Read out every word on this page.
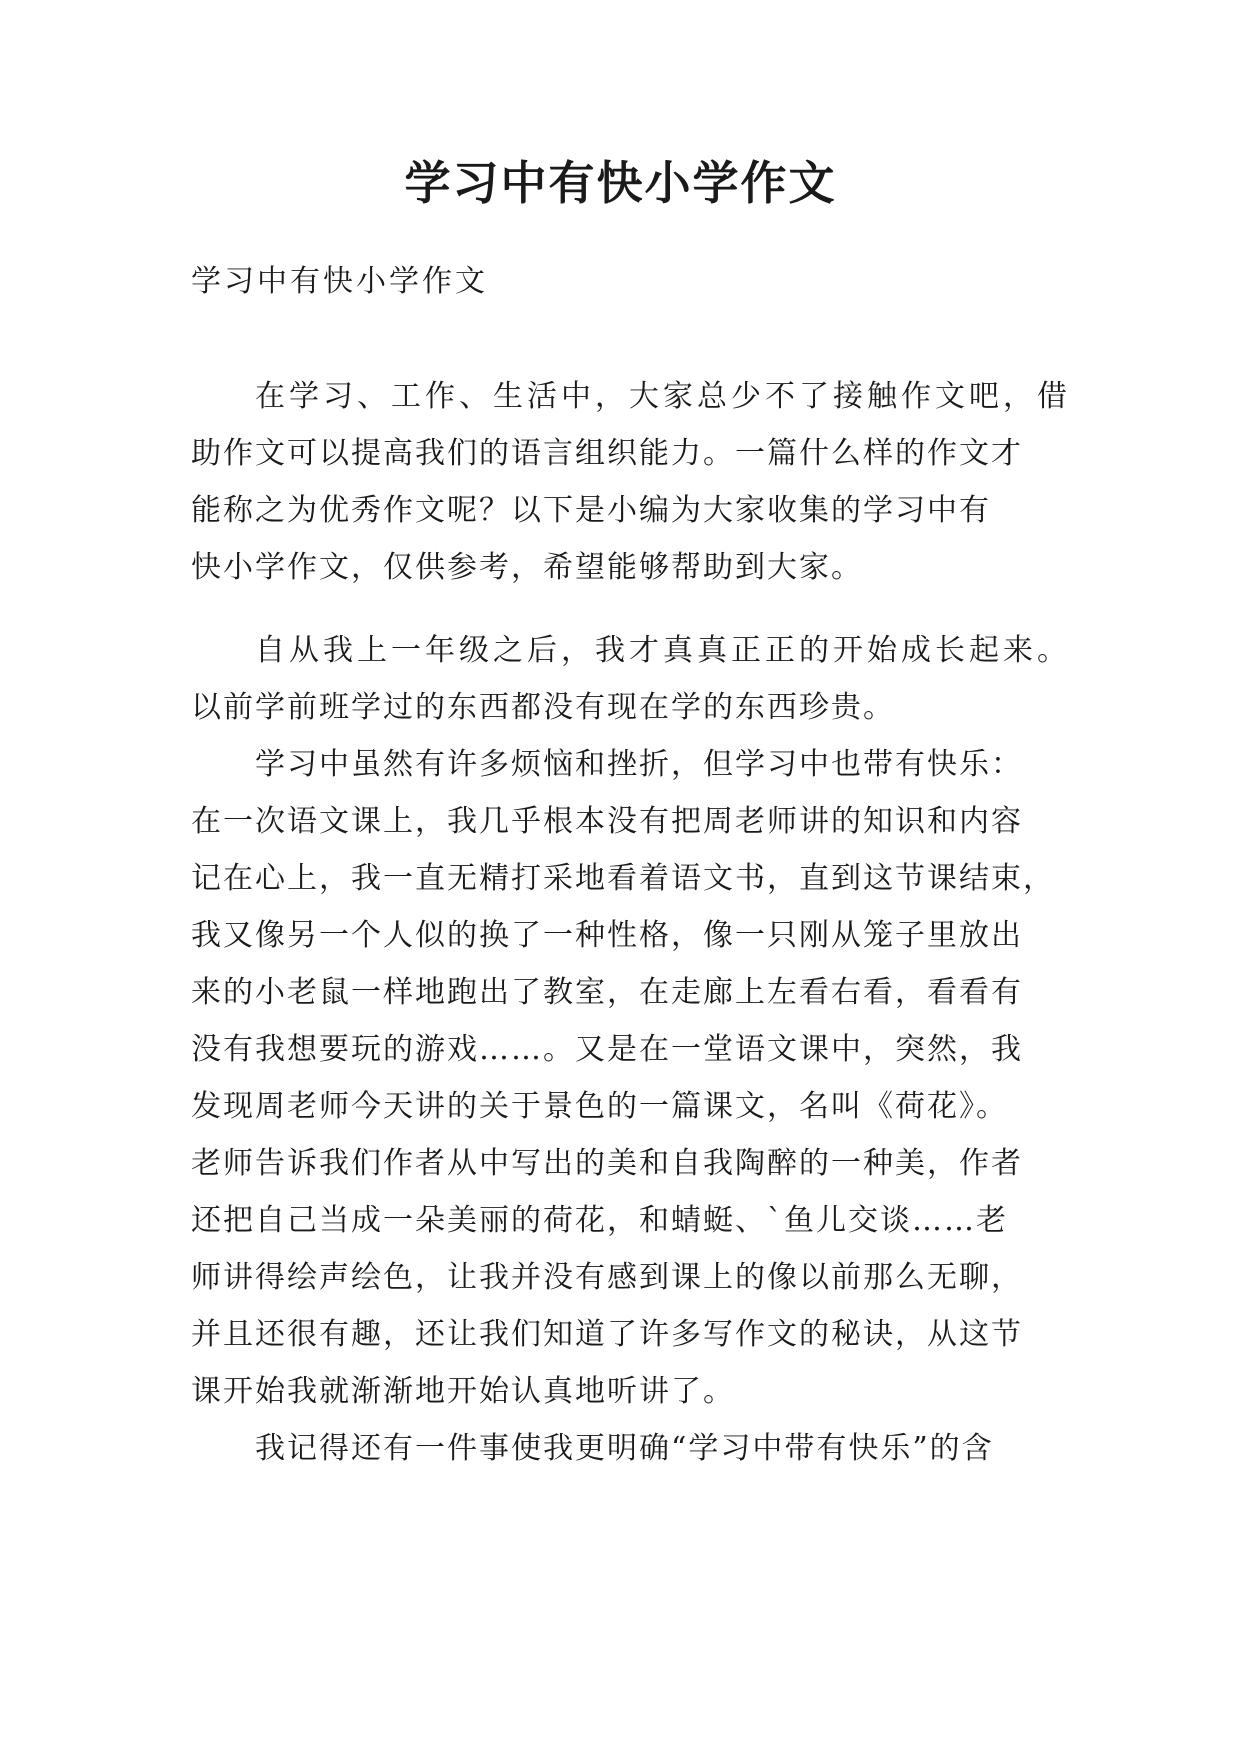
学习中有快小学作文

学习中有快小学作文

在学习、工作、生活中，大家总少不了接触作文吧，借
助作文可以提高我们的语言组织能力。一篇什么样的作文才
能称之为优秀作文呢？以下是小编为大家收集的学习中有
快小学作文，仅供参考，希望能够帮助到大家。
自从我上一年级之后，我才真真正正的开始成长起来。
以前学前班学过的东西都没有现在学的东西珍贵。
学习中虽然有许多烦恼和挫折，但学习中也带有快乐：
在一次语文课上，我几乎根本没有把周老师讲的知识和内容
记在心上，我一直无精打采地看着语文书，直到这节课结束，
我又像另一个人似的换了一种性格，像一只刚从笼子里放出
来的小老鼠一样地跑出了教室，在走廊上左看右看，看看有
没有我想要玩的游戏……。又是在一堂语文课中，突然，我
发现周老师今天讲的关于景色的一篇课文，名叫《荷花》。
老师告诉我们作者从中写出的美和自我陶醉的一种美，作者
还把自己当成一朵美丽的荷花，和蜻蜓、`鱼儿交谈……老
师讲得绘声绘色，让我并没有感到课上的像以前那么无聊，
并且还很有趣，还让我们知道了许多写作文的秘诀，从这节
课开始我就渐渐地开始认真地听讲了。
我记得还有一件事使我更明确“学习中带有快乐”的含
